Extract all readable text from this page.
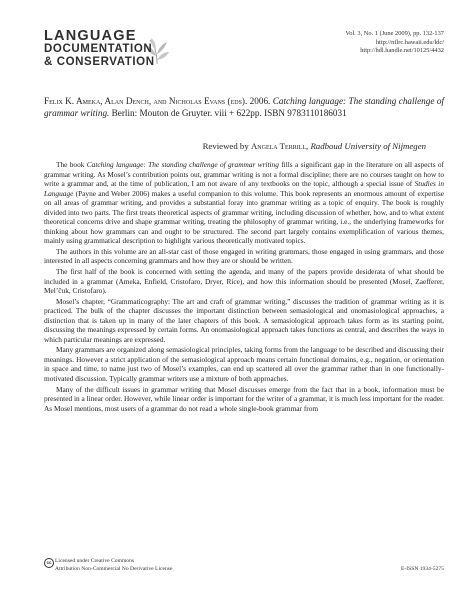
LANGUAGE
DOCUMENTATION
& CONSERVATION
Vol. 3, No. 1 (June 2009), pp. 132-137
http://nflrc.hawaii.edu/ldc/
http://hdl.handle.net/10125/4432
Felix K. Ameka, Alan Dench, and Nicholas Evans (eds). 2006. Catching language: The standing challenge of grammar writing. Berlin: Mouton de Gruyter. viii + 622pp. ISBN 9783110186031
Reviewed by Angela Terrill, Radboud University of Nijmegen

The book Catching language: The standing challenge of grammar writing fills a significant gap in the literature on all aspects of grammar writing. As Mosel’s contribution points out, grammar writing is not a formal discipline; there are no courses taught on how to write a grammar and, at the time of publication, I am not aware of any textbooks on the topic, although a special issue of Studies in Language (Payne and Weber 2006) makes a useful companion to this volume. This book represents an enormous amount of expertise on all areas of grammar writing, and provides a substantial foray into grammar writing as a topic of enquiry. The book is roughly divided into two parts. The first treats theoretical aspects of grammar writing, including discussion of whether, how, and to what extent theoretical concerns drive and shape grammar writing, treating the philosophy of grammar writing, i.e., the underlying frameworks for thinking about how grammars can and ought to be structured. The second part largely contains exemplification of various themes, mainly using grammatical description to highlight various theoretically motivated topics.

The authors in this volume are an all-star cast of those engaged in writing grammars, those engaged in using grammars, and those interested in all aspects concerning grammars and how they are or should be written.

The first half of the book is concerned with setting the agenda, and many of the papers provide desiderata of what should be included in a grammar (Ameka, Enfield, Cristofaro, Dryer, Rice), and how this information should be presented (Mosel, Zaefferer, Mel’čuk, Cristofaro).

Mosel’s chapter, “Grammaticography: The art and craft of grammar writing,” discusses the tradition of grammar writing as it is practiced. The bulk of the chapter discusses the important distinction between semasiological and onomasiological approaches, a distinction that is taken up in many of the later chapters of this book. A semasiological approach takes form as its starting point, discussing the meanings expressed by certain forms. An onomasiological approach takes functions as central, and describes the ways in which particular meanings are expressed.

Many grammars are organized along semasiological principles, taking forms from the language to be described and discussing their meanings. However a strict application of the semasiological approach means certain functional domains, e.g., negation, or orientation in space and time, to name just two of Mosel’s examples, can end up scattered all over the grammar rather than in one functionally-motivated discussion. Typically grammar writers use a mixture of both approaches.

Many of the difficult issues in grammar writing that Mosel discusses emerge from the fact that in a book, information must be presented in a linear order. However, while linear order is important for the writer of a grammar, it is much less important for the reader. As Mosel mentions, most users of a grammar do not read a whole single-book grammar from

cc Licensed under Creative Commons
Attribution Non-Commercial No Derivative License	E-ISSN 1934-5275
